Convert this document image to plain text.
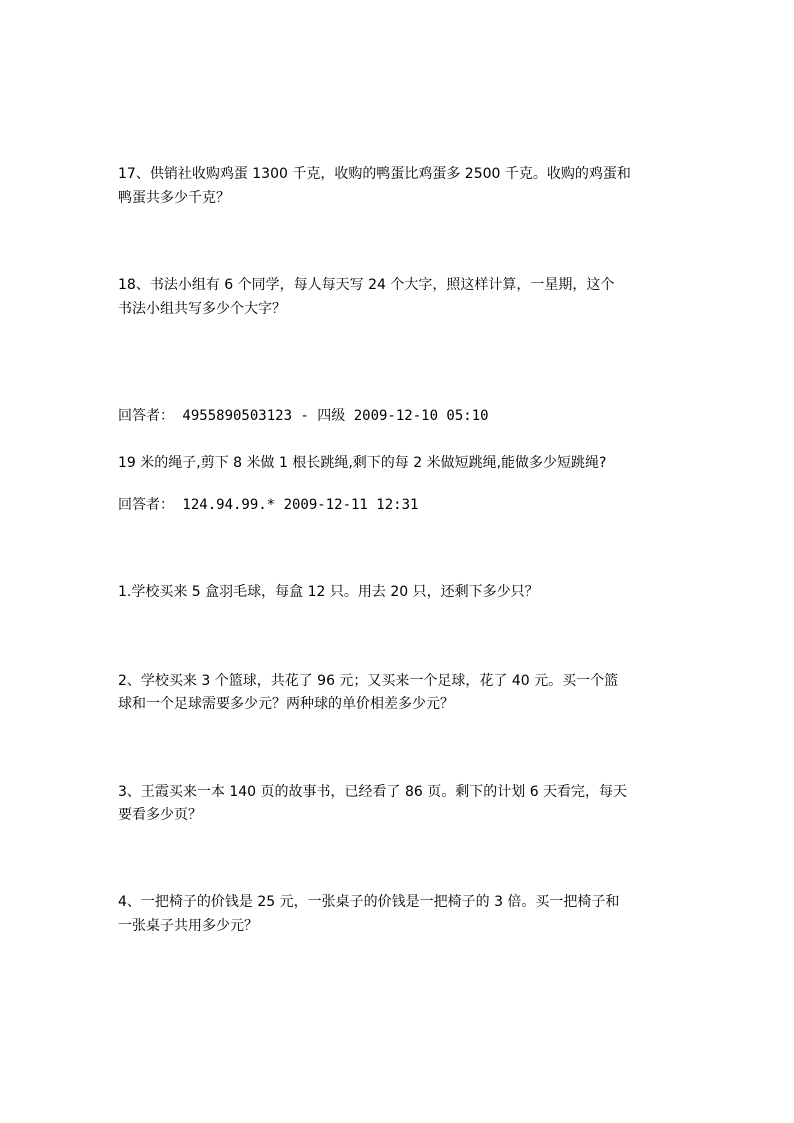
17、供销社收购鸡蛋 1300 千克，收购的鸭蛋比鸡蛋多 2500 千克。收购的鸡蛋和
鸭蛋共多少千克？
18、书法小组有 6 个同学，每人每天写 24 个大字，照这样计算，一星期，这个
书法小组共写多少个大字？
回答者： 4955890503123 - 四级 2009-12-10 05:10
19 米的绳子,剪下 8 米做 1 根长跳绳,剩下的每 2 米做短跳绳,能做多少短跳绳?
回答者： 124.94.99.* 2009-12-11 12:31
1.学校买来 5 盒羽毛球，每盒 12 只。用去 20 只，还剩下多少只？
2、学校买来 3 个篮球，共花了 96 元；又买来一个足球，花了 40 元。买一个篮
球和一个足球需要多少元？两种球的单价相差多少元？
3、王霞买来一本 140 页的故事书，已经看了 86 页。剩下的计划 6 天看完，每天
要看多少页？
4、一把椅子的价钱是 25 元，一张桌子的价钱是一把椅子的 3 倍。买一把椅子和
一张桌子共用多少元？
